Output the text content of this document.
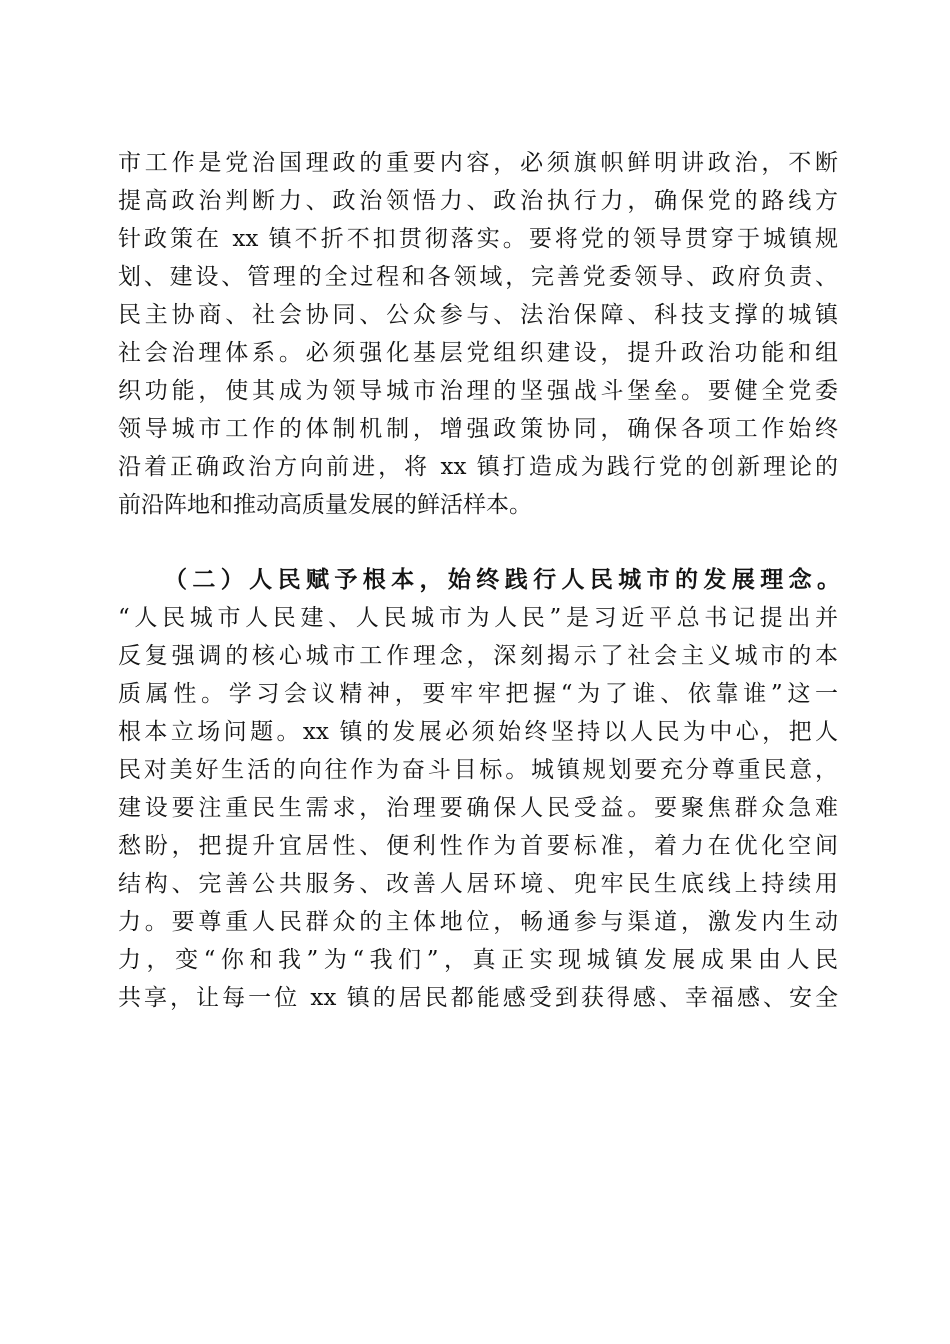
市工作是党治国理政的重要内容，必须旗帜鲜明讲政治，不断
提高政治判断力、政治领悟力、政治执行力，确保党的路线方
针政策在 xx 镇不折不扣贯彻落实。要将党的领导贯穿于城镇规
划、建设、管理的全过程和各领域，完善党委领导、政府负责、
民主协商、社会协同、公众参与、法治保障、科技支撑的城镇
社会治理体系。必须强化基层党组织建设，提升政治功能和组
织功能，使其成为领导城市治理的坚强战斗堡垒。要健全党委
领导城市工作的体制机制，增强政策协同，确保各项工作始终
沿着正确政治方向前进，将 xx 镇打造成为践行党的创新理论的
前沿阵地和推动高质量发展的鲜活样本。
（二）人民赋予根本，始终践行人民城市的发展理念。
“人民城市人民建、人民城市为人民”是习近平总书记提出并
反复强调的核心城市工作理念，深刻揭示了社会主义城市的本
质属性。学习会议精神，要牢牢把握“为了谁、依靠谁”这一
根本立场问题。xx 镇的发展必须始终坚持以人民为中心，把人
民对美好生活的向往作为奋斗目标。城镇规划要充分尊重民意，
建设要注重民生需求，治理要确保人民受益。要聚焦群众急难
愁盼，把提升宜居性、便利性作为首要标准，着力在优化空间
结构、完善公共服务、改善人居环境、兜牢民生底线上持续用
力。要尊重人民群众的主体地位，畅通参与渠道，激发内生动
力，变“你和我”为“我们”，真正实现城镇发展成果由人民
共享，让每一位 xx 镇的居民都能感受到获得感、幸福感、安全
